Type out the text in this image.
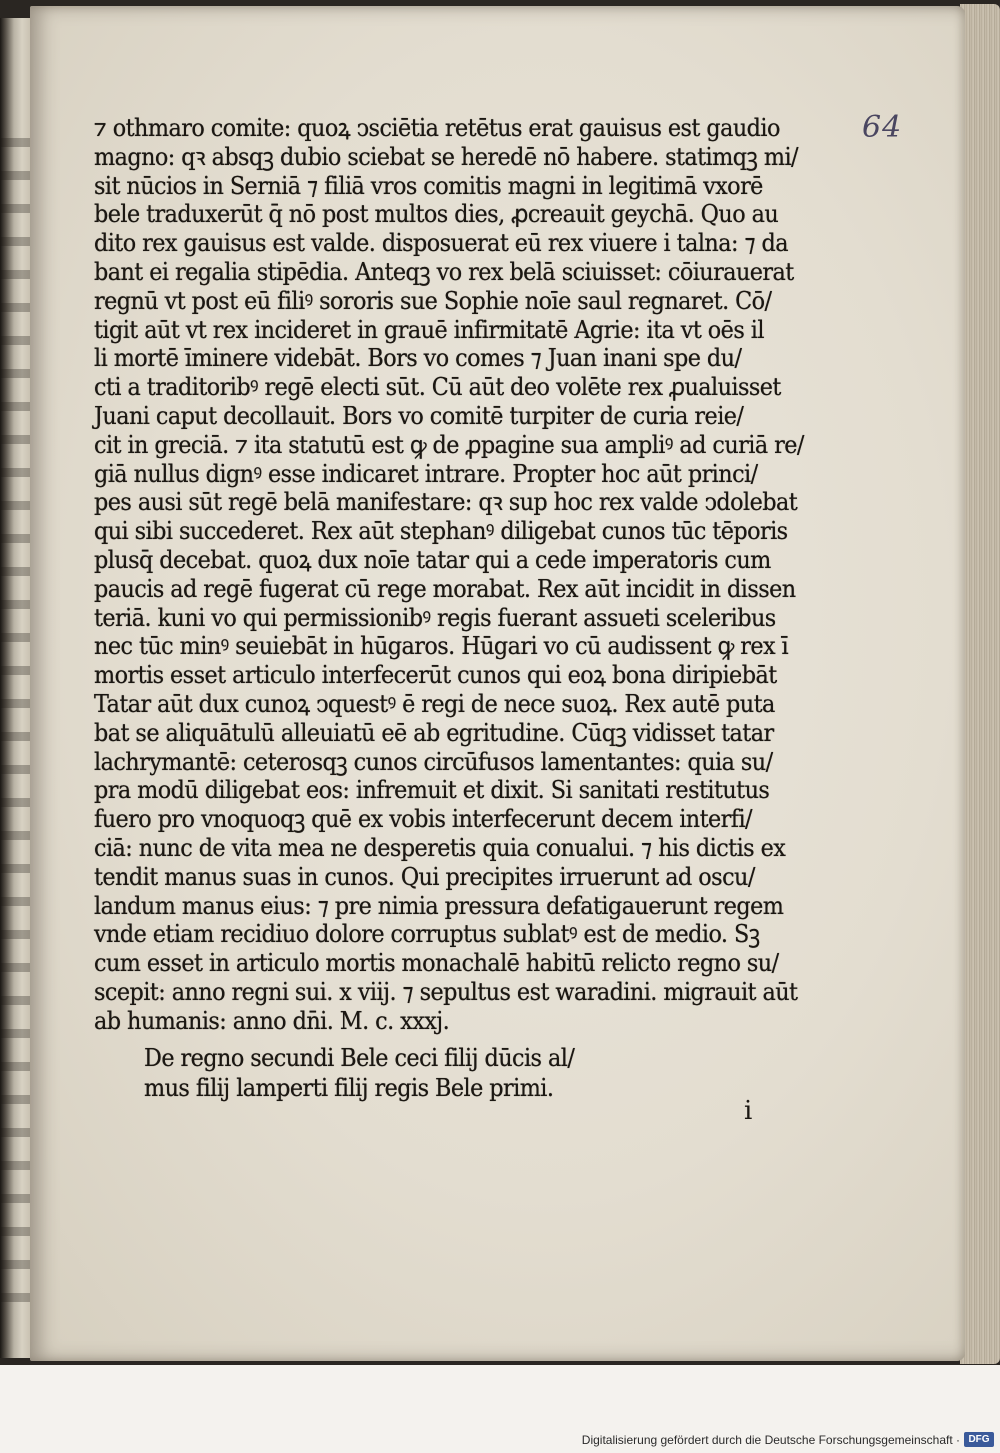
64
⁊ othmaro comite: quoꝝ ↄsciētia retētus erat gauisus est gaudio
magno: qꝛ absqꝫ dubio sciebat se heredē nō habere. statimqꝫ mi/
sit nūcios in Serniā ⁊ filiā vros comitis magni in legitimā vxorē
bele traduxerūt q̄ nō post multos dies, ꝓcreauit geychā. Quo au
dito rex gauisus est valde. disposuerat eū rex viuere i talna: ⁊ da
bant ei regalia stipēdia. Anteqꝫ vo rex belā sciuisset: cōiurauerat
regnū vt post eū filiꝰ sororis sue Sophie noīe saul regnaret. Cō/
tigit aūt vt rex incideret in grauē infirmitatē Agrie: ita vt oēs il
li mortē īminere videbāt. Bors vo comes ⁊ Juan inani spe du/
cti a traditoribꝰ regē electi sūt. Cū aūt deo volēte rex ꝓualuisset
Juani caput decollauit. Bors vo comitē turpiter de curia reie/
cit in greciā. ⁊ ita statutū est ꝙ de ꝓpagine sua ampliꝰ ad curiā re/
giā nullus dignꝰ esse indicaret intrare. Propter hoc aūt princi/
pes ausi sūt regē belā manifestare: qꝛ sup hoc rex valde ↄdolebat
qui sibi succederet. Rex aūt stephanꝰ diligebat cunos tūc tēporis
plusq̄ decebat. quoꝝ dux noīe tatar qui a cede imperatoris cum
paucis ad regē fugerat cū rege morabat. Rex aūt incidit in dissen
teriā. kuni vo qui permissionibꝰ regis fuerant assueti sceleribus
nec tūc minꝰ seuiebāt in hūgaros. Hūgari vo cū audissent ꝙ rex ī
mortis esset articulo interfecerūt cunos qui eoꝝ bona diripiebāt
Tatar aūt dux cunoꝝ ↄquestꝰ ē regi de nece suoꝝ. Rex autē puta
bat se aliquātulū alleuiatū eē ab egritudine. Cūqꝫ vidisset tatar
lachrymantē: ceterosqꝫ cunos circūfusos lamentantes: quia su/
pra modū diligebat eos: infremuit et dixit. Si sanitati restitutus
fuero pro vnoquoqꝫ quē ex vobis interfecerunt decem interfi/
ciā: nunc de vita mea ne desperetis quia conualui. ⁊ his dictis ex
tendit manus suas in cunos. Qui precipites irruerunt ad oscu/
landum manus eius: ⁊ pre nimia pressura defatigauerunt regem
vnde etiam recidiuo dolore corruptus sublatꝰ est de medio. Sꝫ
cum esset in articulo mortis monachalē habitū relicto regno su/
scepit: anno regni sui. x viij. ⁊ sepultus est waradini. migrauit aūt
ab humanis: anno dn̄i. M. c. xxxj.
De regno secundi Bele ceci filij dūcis al/
mus filij lamperti filij regis Bele primi.
i
Digitalisierung gefördert durch die Deutsche Forschungsgemeinschaft · DFG
